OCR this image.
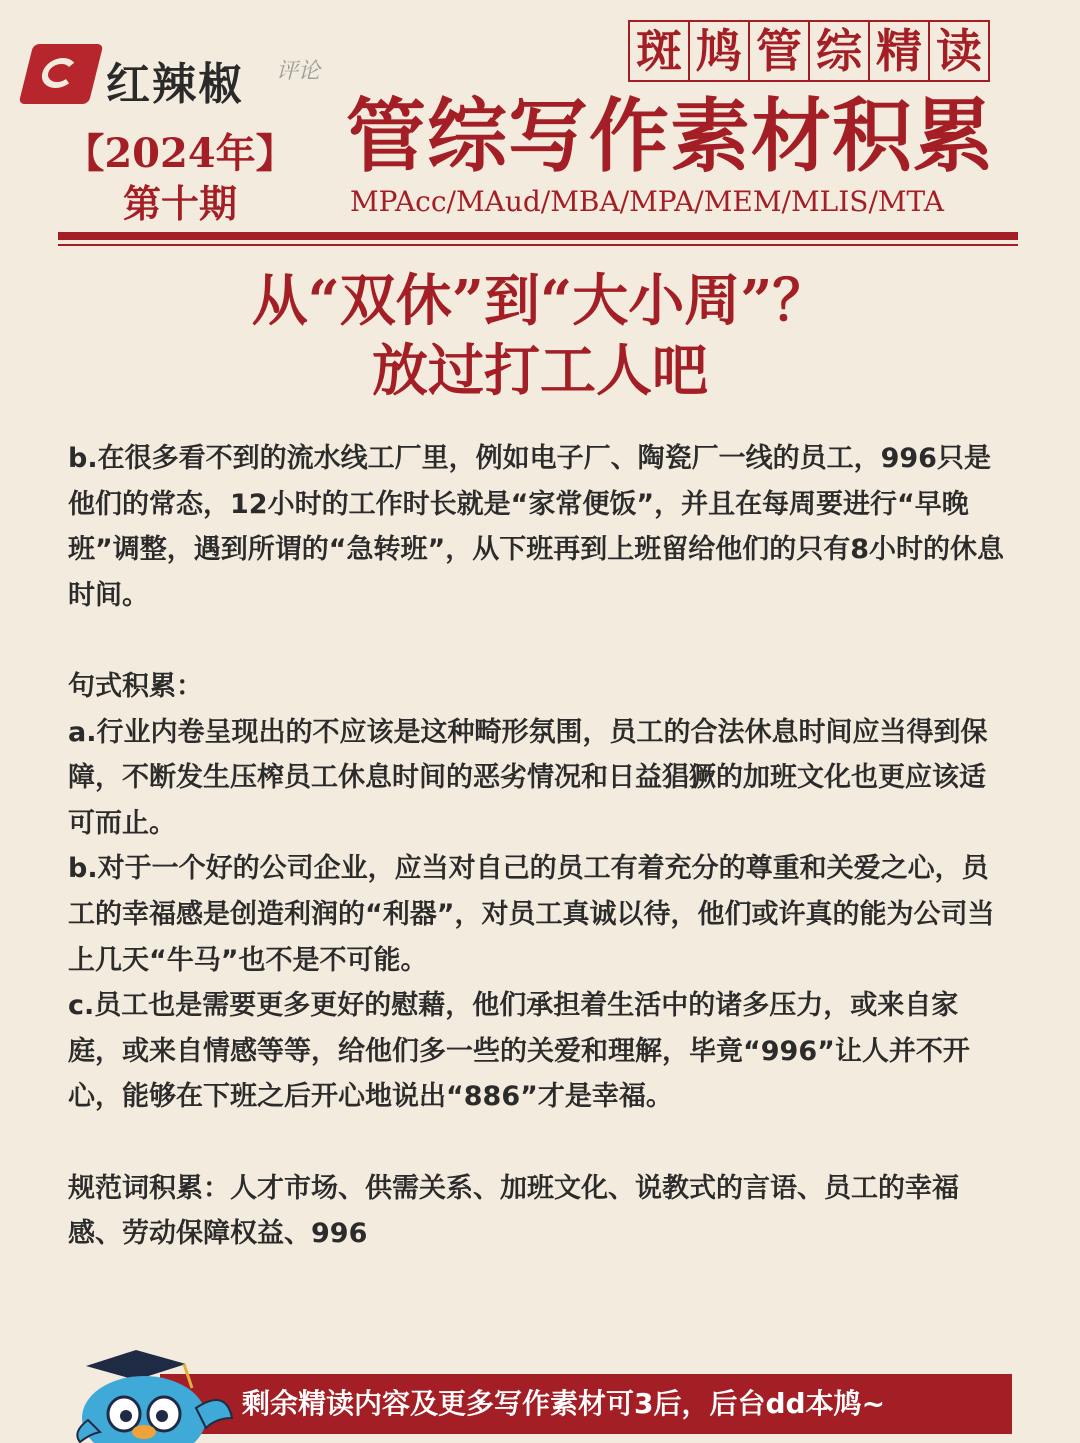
红辣椒 评论
【2024年】
第十期
斑 鸠 管 综 精 读
管综写作素材积累
MPAcc/MAud/MBA/MPA/MEM/MLIS/MTA
从“双休”到“大小周”？
放过打工人吧

b.在很多看不到的流水线工厂里，例如电子厂、陶瓷厂一线的员工，996只是他们的常态，12小时的工作时长就是“家常便饭”，并且在每周要进行“早晚班”调整，遇到所谓的“急转班”，从下班再到上班留给他们的只有8小时的休息时间。

句式积累：

a.行业内卷呈现出的不应该是这种畸形氛围，员工的合法休息时间应当得到保障，不断发生压榨员工休息时间的恶劣情况和日益猖獗的加班文化也更应该适可而止。

b.对于一个好的公司企业，应当对自己的员工有着充分的尊重和关爱之心，员工的幸福感是创造利润的“利器”，对员工真诚以待，他们或许真的能为公司当上几天“牛马”也不是不可能。

c.员工也是需要更多更好的慰藉，他们承担着生活中的诸多压力，或来自家庭，或来自情感等等，给他们多一些的关爱和理解，毕竟“996”让人并不开心，能够在下班之后开心地说出“886”才是幸福。

规范词积累：人才市场、供需关系、加班文化、说教式的言语、员工的幸福感、劳动保障权益、996

剩余精读内容及更多写作素材可3后，后台dd本鸠~
